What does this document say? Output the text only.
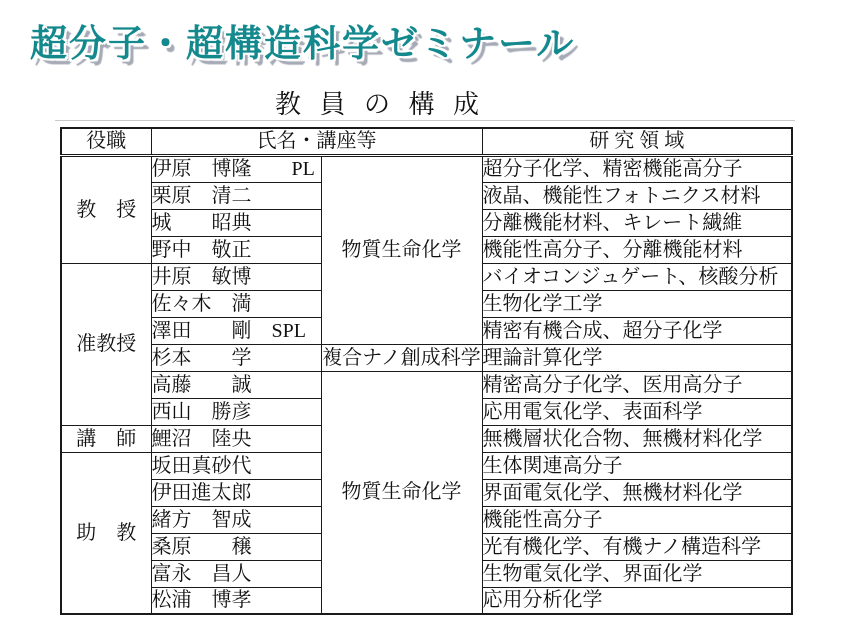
超分子・超構造科学ゼミナール
教 員 の 構 成
役職	氏名・講座等		研 究 領 域
教　授	伊原　博隆　　PL	物質生命化学	超分子化学、精密機能高分子
	栗原　清二		液晶、機能性フォトニクス材料
	城　　昭典		分離機能材料、キレート繊維
	野中　敬正		機能性高分子、分離機能材料
准教授	井原　敏博		バイオコンジュゲート、核酸分析
	佐々木　満		生物化学工学
	澤田　　剛　SPL		精密有機合成、超分子化学
	杉本　　学	複合ナノ創成科学	理論計算化学
	高藤　　誠	物質生命化学	精密高分子化学、医用高分子
	西山　勝彦		応用電気化学、表面科学
講　師	鯉沼　陸央		無機層状化合物、無機材料化学
助　教	坂田真砂代		生体関連高分子
	伊田進太郎		界面電気化学、無機材料化学
	緒方　智成		機能性高分子
	桑原　　穣		光有機化学、有機ナノ構造科学
	富永　昌人		生物電気化学、界面化学
	松浦　博孝		応用分析化学
